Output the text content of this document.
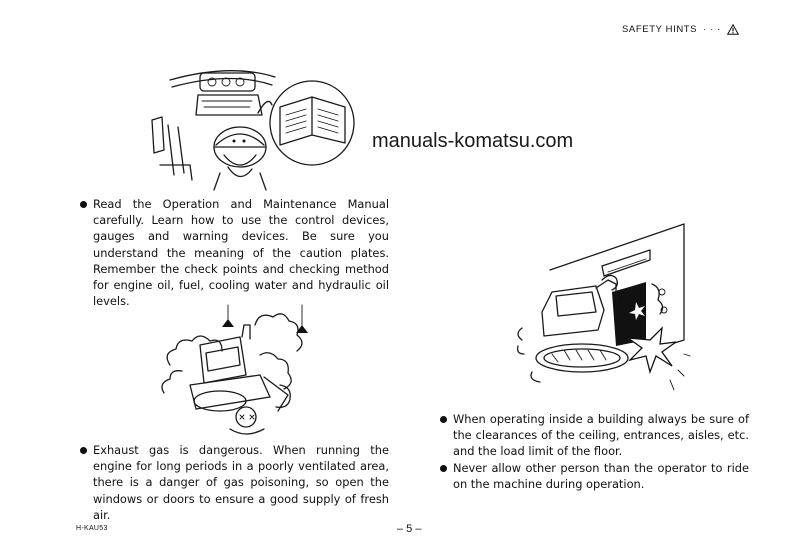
SAFETY HINTS · · ·
manuals-komatsu.com
Read the Operation and Maintenance Manual carefully. Learn how to use the control devices, gauges and warning devices. Be sure you understand the meaning of the caution plates. Remember the check points and checking method for engine oil, fuel, cooling water and hydraulic oil levels.
Exhaust gas is dangerous. When running the engine for long periods in a poorly ventilated area, there is a danger of gas poisoning, so open the windows or doors to ensure a good supply of fresh air.
When operating inside a building always be sure of the clearances of the ceiling, entrances, aisles, etc. and the load limit of the floor.
Never allow other person than the operator to ride on the machine during operation.
H-KAU53	– 5 –
